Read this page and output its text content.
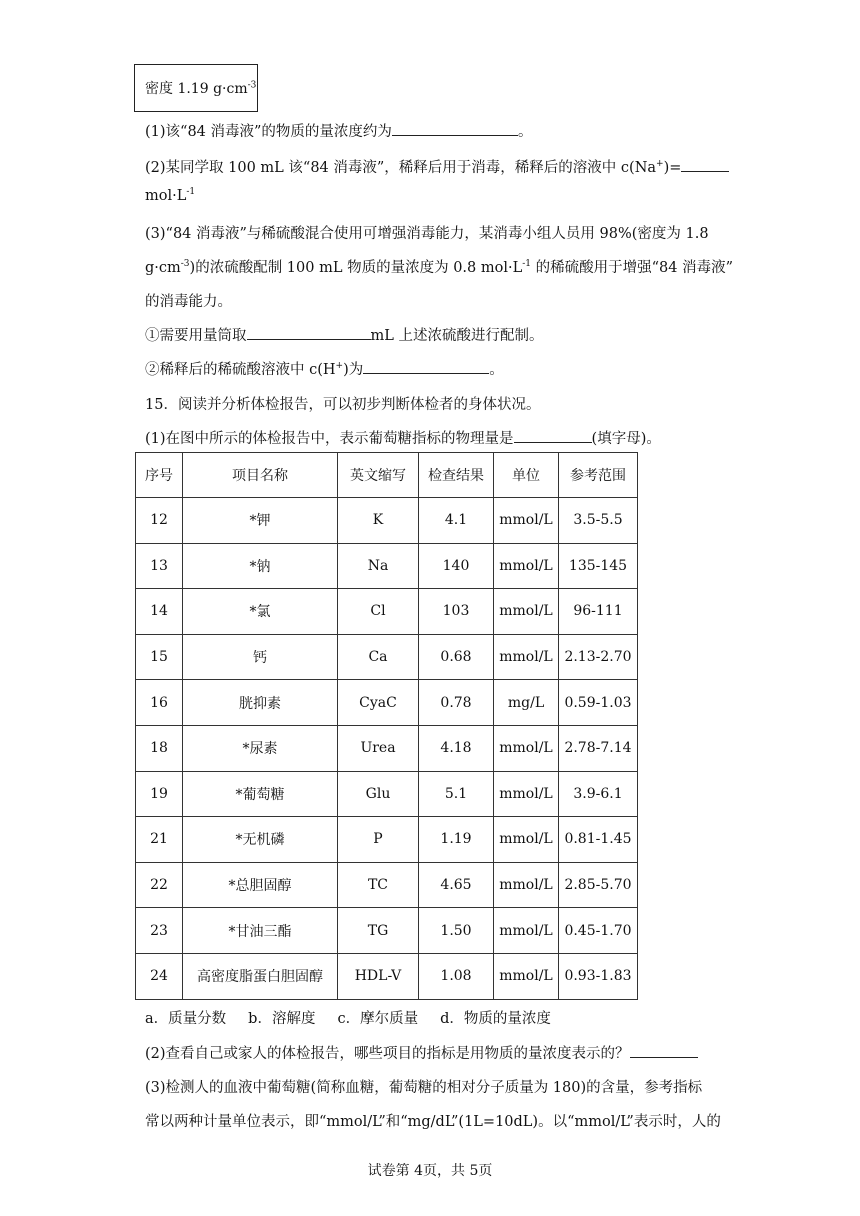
密度 1.19 $g\cdot cm^{-3}$
(1)该“84 消毒液”的物质的量浓度约为	。
(2)某同学取 100 mL 该“84 消毒液”，稀释后用于消毒，稀释后的溶液中 c(Na+)=
$mol\cdot L^{-1}$
(3)“84 消毒液”与稀硫酸混合使用可增强消毒能力，某消毒小组人员用 98%(密度为 1.8
$g\cdot cm^{-3}$)的浓硫酸配制 100 mL 物质的量浓度为 0.8 $mol\cdot L^{-1}$ 的稀硫酸用于增强“84 消毒液”
的消毒能力。
①需要用量筒取	mL 上述浓硫酸进行配制。
②稀释后的稀硫酸溶液中 c(H+)为	。
15．阅读并分析体检报告，可以初步判断体检者的身体状况。
(1)在图中所示的体检报告中，表示葡萄糖指标的物理量是	(填字母)。
序号	项目名称	英文缩写	检查结果	单位	参考范围
12	*钾	K	4.1	mmol/L	3.5-5.5
13	*钠	Na	140	mmol/L	135-145
14	*氯	Cl	103	mmol/L	96-111
15	钙	Ca	0.68	mmol/L	2.13-2.70
16	胱抑素	CyaC	0.78	mg/L	0.59-1.03
18	*尿素	Urea	4.18	mmol/L	2.78-7.14
19	*葡萄糖	Glu	5.1	mmol/L	3.9-6.1
21	*无机磷	P	1.19	mmol/L	0.81-1.45
22	*总胆固醇	TC	4.65	mmol/L	2.85-5.70
23	*甘油三酯	TG	1.50	mmol/L	0.45-1.70
24	高密度脂蛋白胆固醇	HDL-V	1.08	mmol/L	0.93-1.83
a．质量分数 b．溶解度 c．摩尔质量 d．物质的量浓度
(2)查看自己或家人的体检报告，哪些项目的指标是用物质的量浓度表示的？
(3)检测人的血液中葡萄糖(简称血糖，葡萄糖的相对分子质量为 180)的含量，参考指标
常以两种计量单位表示，即“mmol/L”和“mg/dL”(1L=10dL)。以“mmol/L”表示时，人的
试卷第 4页，共 5页
